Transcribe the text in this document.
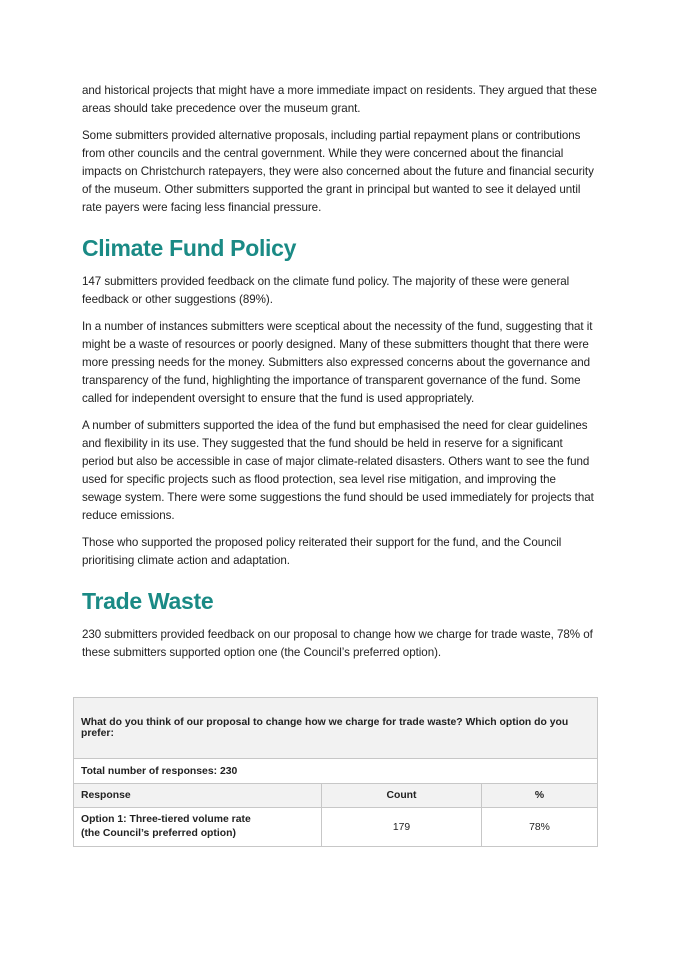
and historical projects that might have a more immediate impact on residents. They argued that these areas should take precedence over the museum grant.

Some submitters provided alternative proposals, including partial repayment plans or contributions from other councils and the central government. While they were concerned about the financial impacts on Christchurch ratepayers, they were also concerned about the future and financial security of the museum. Other submitters supported the grant in principal but wanted to see it delayed until rate payers were facing less financial pressure.

Climate Fund Policy

147 submitters provided feedback on the climate fund policy. The majority of these were general feedback or other suggestions (89%).

In a number of instances submitters were sceptical about the necessity of the fund, suggesting that it might be a waste of resources or poorly designed. Many of these submitters thought that there were more pressing needs for the money. Submitters also expressed concerns about the governance and transparency of the fund, highlighting the importance of transparent governance of the fund. Some called for independent oversight to ensure that the fund is used appropriately.

A number of submitters supported the idea of the fund but emphasised the need for clear guidelines and flexibility in its use. They suggested that the fund should be held in reserve for a significant period but also be accessible in case of major climate-related disasters. Others want to see the fund used for specific projects such as flood protection, sea level rise mitigation, and improving the sewage system. There were some suggestions the fund should be used immediately for projects that reduce emissions.

Those who supported the proposed policy reiterated their support for the fund, and the Council prioritising climate action and adaptation.

Trade Waste

230 submitters provided feedback on our proposal to change how we charge for trade waste, 78% of these submitters supported option one (the Council’s preferred option).

What do you think of our proposal to change how we charge for trade waste? Which option do you prefer:		
Total number of responses: 230		
Response	Count	%

Option 1: Three-tiered volume rate
(the Council’s preferred option)	179	78%
